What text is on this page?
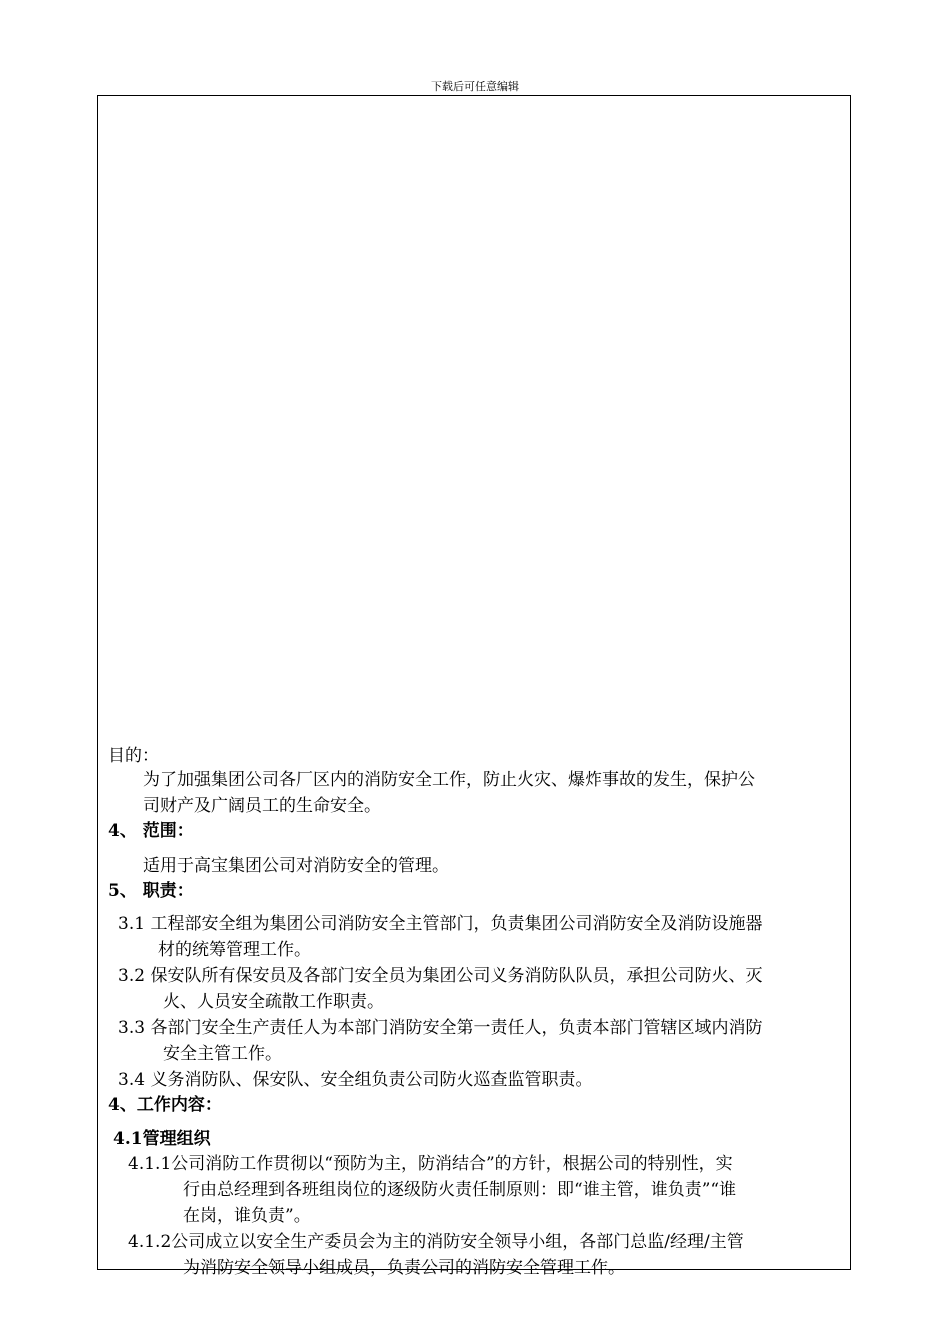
下载后可任意编辑
目的：
为了加强集团公司各厂区内的消防安全工作，防止火灾、爆炸事故的发生，保护公
司财产及广阔员工的生命安全。
4、 范围：
适用于高宝集团公司对消防安全的管理。
5、 职责：
3.1 工程部安全组为集团公司消防安全主管部门，负责集团公司消防安全及消防设施器
材的统筹管理工作。
3.2 保安队所有保安员及各部门安全员为集团公司义务消防队队员，承担公司防火、灭
火、人员安全疏散工作职责。
3.3 各部门安全生产责任人为本部门消防安全第一责任人，负责本部门管辖区域内消防
安全主管工作。
3.4 义务消防队、保安队、安全组负责公司防火巡查监管职责。
4、工作内容：
4.1管理组织
4.1.1公司消防工作贯彻以“预防为主，防消结合”的方针，根据公司的特别性，实
行由总经理到各班组岗位的逐级防火责任制原则：即“谁主管，谁负责”“谁
在岗，谁负责”。
4.1.2公司成立以安全生产委员会为主的消防安全领导小组，各部门总监/经理/主管
为消防安全领导小组成员，负责公司的消防安全管理工作。
